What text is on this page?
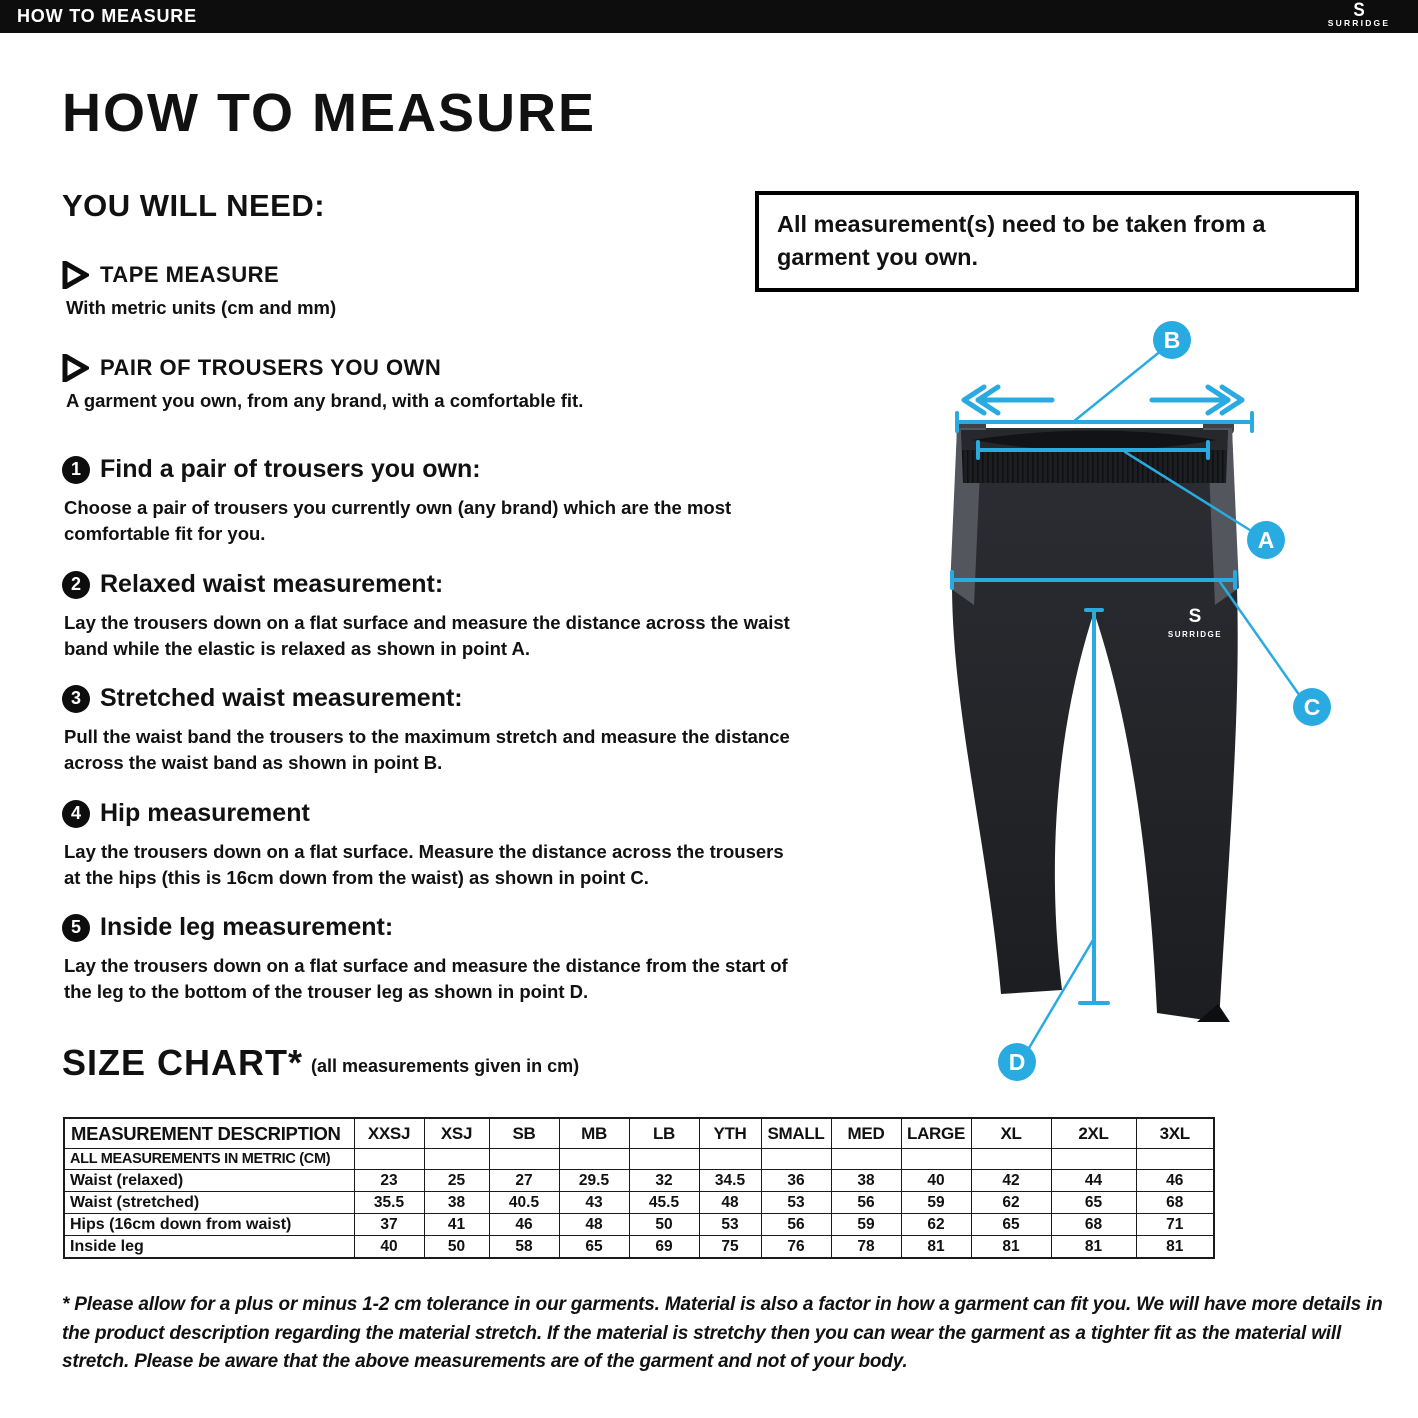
HOW TO MEASURE	S
SURRIDGE
HOW TO MEASURE
YOU WILL NEED:
TAPE MEASURE
With metric units (cm and mm)
PAIR OF TROUSERS YOU OWN
A garment you own, from any brand, with a comfortable fit.
All measurement(s) need to be taken from a garment you own.
1 Find a pair of trousers you own:

Choose a pair of trousers you currently own (any brand) which are the most comfortable fit for you.

2 Relaxed waist measurement:

Lay the trousers down on a flat surface and measure the distance across the waist band while the elastic is relaxed as shown in point A.

3 Stretched waist measurement:

Pull the waist band the trousers to the maximum stretch and measure the distance across the waist band as shown in point B.

4 Hip measurement

Lay the trousers down on a flat surface. Measure the distance across the trousers at the hips (this is 16cm down from the waist) as shown in point C.

5 Inside leg measurement:

Lay the trousers down on a flat surface and measure the distance from the start of the leg to the bottom of the trouser leg as shown in point D.

S
SURRIDGE
B
A
C
D
SIZE CHART* (all measurements given in cm)
MEASUREMENT DESCRIPTION	XXSJ	XSJ	SB	MB	LB	YTH	SMALL	MED	LARGE	XL	2XL	3XL
ALL MEASUREMENTS IN METRIC (CM)												
Waist (relaxed)	23	25	27	29.5	32	34.5	36	38	40	42	44	46
Waist (stretched)	35.5	38	40.5	43	45.5	48	53	56	59	62	65	68
Hips (16cm down from waist)	37	41	46	48	50	53	56	59	62	65	68	71
Inside leg	40	50	58	65	69	75	76	78	81	81	81	81

* Please allow for a plus or minus 1-2 cm tolerance in our garments. Material is also a factor in how a garment can fit you. We will have more details in the product description regarding the material stretch. If the material is stretchy then you can wear the garment as a tighter fit as the material will stretch. Please be aware that the above measurements are of the garment and not of your body.
